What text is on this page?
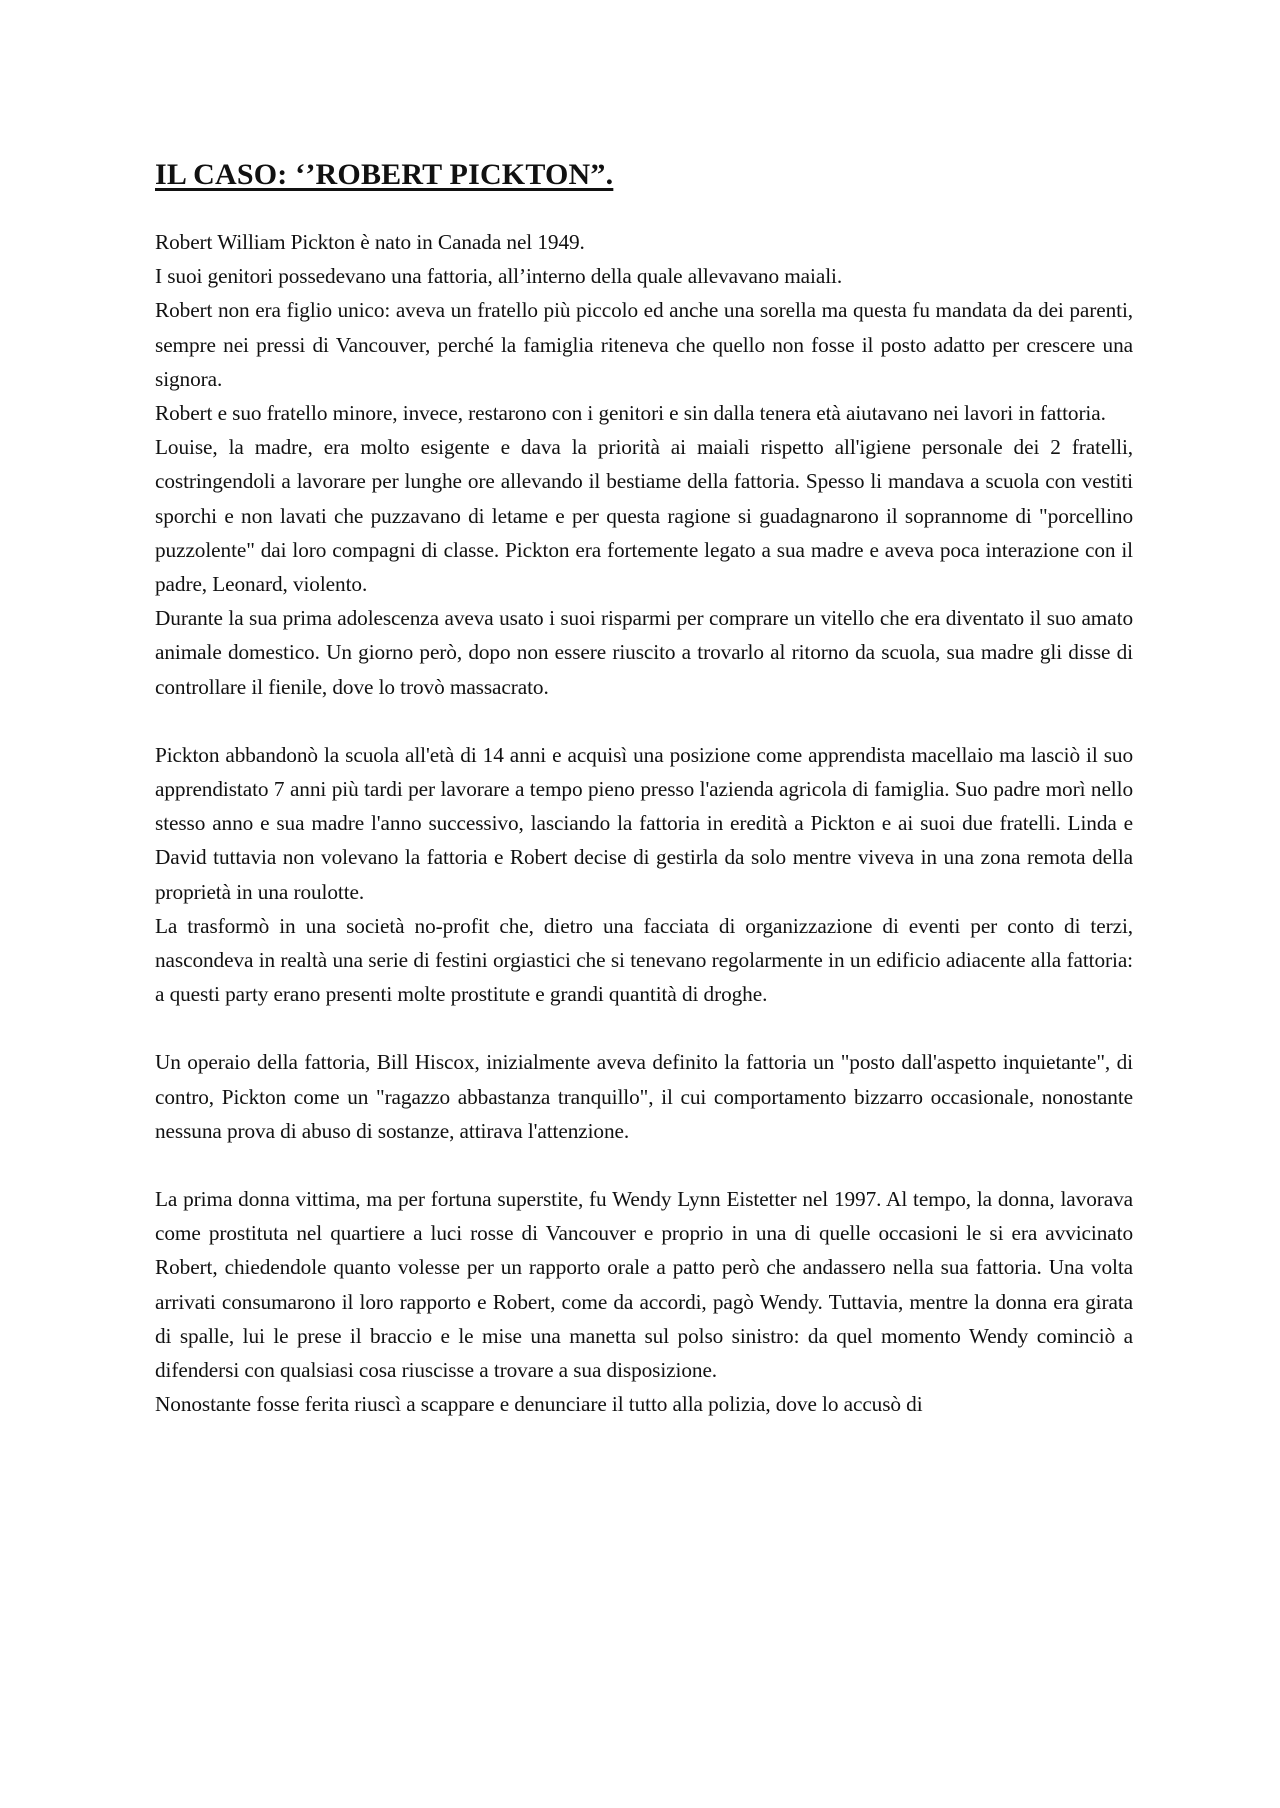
IL CASO: ‘’ROBERT PICKTON”.

Robert William Pickton è nato in Canada nel 1949.

I suoi genitori possedevano una fattoria, all’interno della quale allevavano maiali.

Robert non era figlio unico: aveva un fratello più piccolo ed anche una sorella ma questa fu mandata da dei parenti, sempre nei pressi di Vancouver, perché la famiglia riteneva che quello non fosse il posto adatto per crescere una signora.

Robert e suo fratello minore, invece, restarono con i genitori e sin dalla tenera età aiutavano nei lavori in fattoria.

Louise, la madre, era molto esigente e dava la priorità ai maiali rispetto all'igiene personale dei 2 fratelli, costringendoli a lavorare per lunghe ore allevando il bestiame della fattoria. Spesso li mandava a scuola con vestiti sporchi e non lavati che puzzavano di letame e per questa ragione si guadagnarono il soprannome di "porcellino puzzolente" dai loro compagni di classe. Pickton era fortemente legato a sua madre e aveva poca interazione con il padre, Leonard, violento.

Durante la sua prima adolescenza aveva usato i suoi risparmi per comprare un vitello che era diventato il suo amato animale domestico. Un giorno però, dopo non essere riuscito a trovarlo al ritorno da scuola, sua madre gli disse di controllare il fienile, dove lo trovò massacrato.

Pickton abbandonò la scuola all'età di 14 anni e acquisì una posizione come apprendista macellaio ma lasciò il suo apprendistato 7 anni più tardi per lavorare a tempo pieno presso l'azienda agricola di famiglia. Suo padre morì nello stesso anno e sua madre l'anno successivo, lasciando la fattoria in eredità a Pickton e ai suoi due fratelli. Linda e David tuttavia non volevano la fattoria e Robert decise di gestirla da solo mentre viveva in una zona remota della proprietà in una roulotte.

La trasformò in una società no-profit che, dietro una facciata di organizzazione di eventi per conto di terzi, nascondeva in realtà una serie di festini orgiastici che si tenevano regolarmente in un edificio adiacente alla fattoria: a questi party erano presenti molte prostitute e grandi quantità di droghe.

Un operaio della fattoria, Bill Hiscox, inizialmente aveva definito la fattoria un "posto dall'aspetto inquietante", di contro, Pickton come un "ragazzo abbastanza tranquillo", il cui comportamento bizzarro occasionale, nonostante nessuna prova di abuso di sostanze, attirava l'attenzione.

La prima donna vittima, ma per fortuna superstite, fu Wendy Lynn Eistetter nel 1997. Al tempo, la donna, lavorava come prostituta nel quartiere a luci rosse di Vancouver e proprio in una di quelle occasioni le si era avvicinato Robert, chiedendole quanto volesse per un rapporto orale a patto però che andassero nella sua fattoria. Una volta arrivati consumarono il loro rapporto e Robert, come da accordi, pagò Wendy. Tuttavia, mentre la donna era girata di spalle, lui le prese il braccio e le mise una manetta sul polso sinistro: da quel momento Wendy cominciò a difendersi con qualsiasi cosa riuscisse a trovare a sua disposizione.

Nonostante fosse ferita riuscì a scappare e denunciare il tutto alla polizia, dove lo accusò di
